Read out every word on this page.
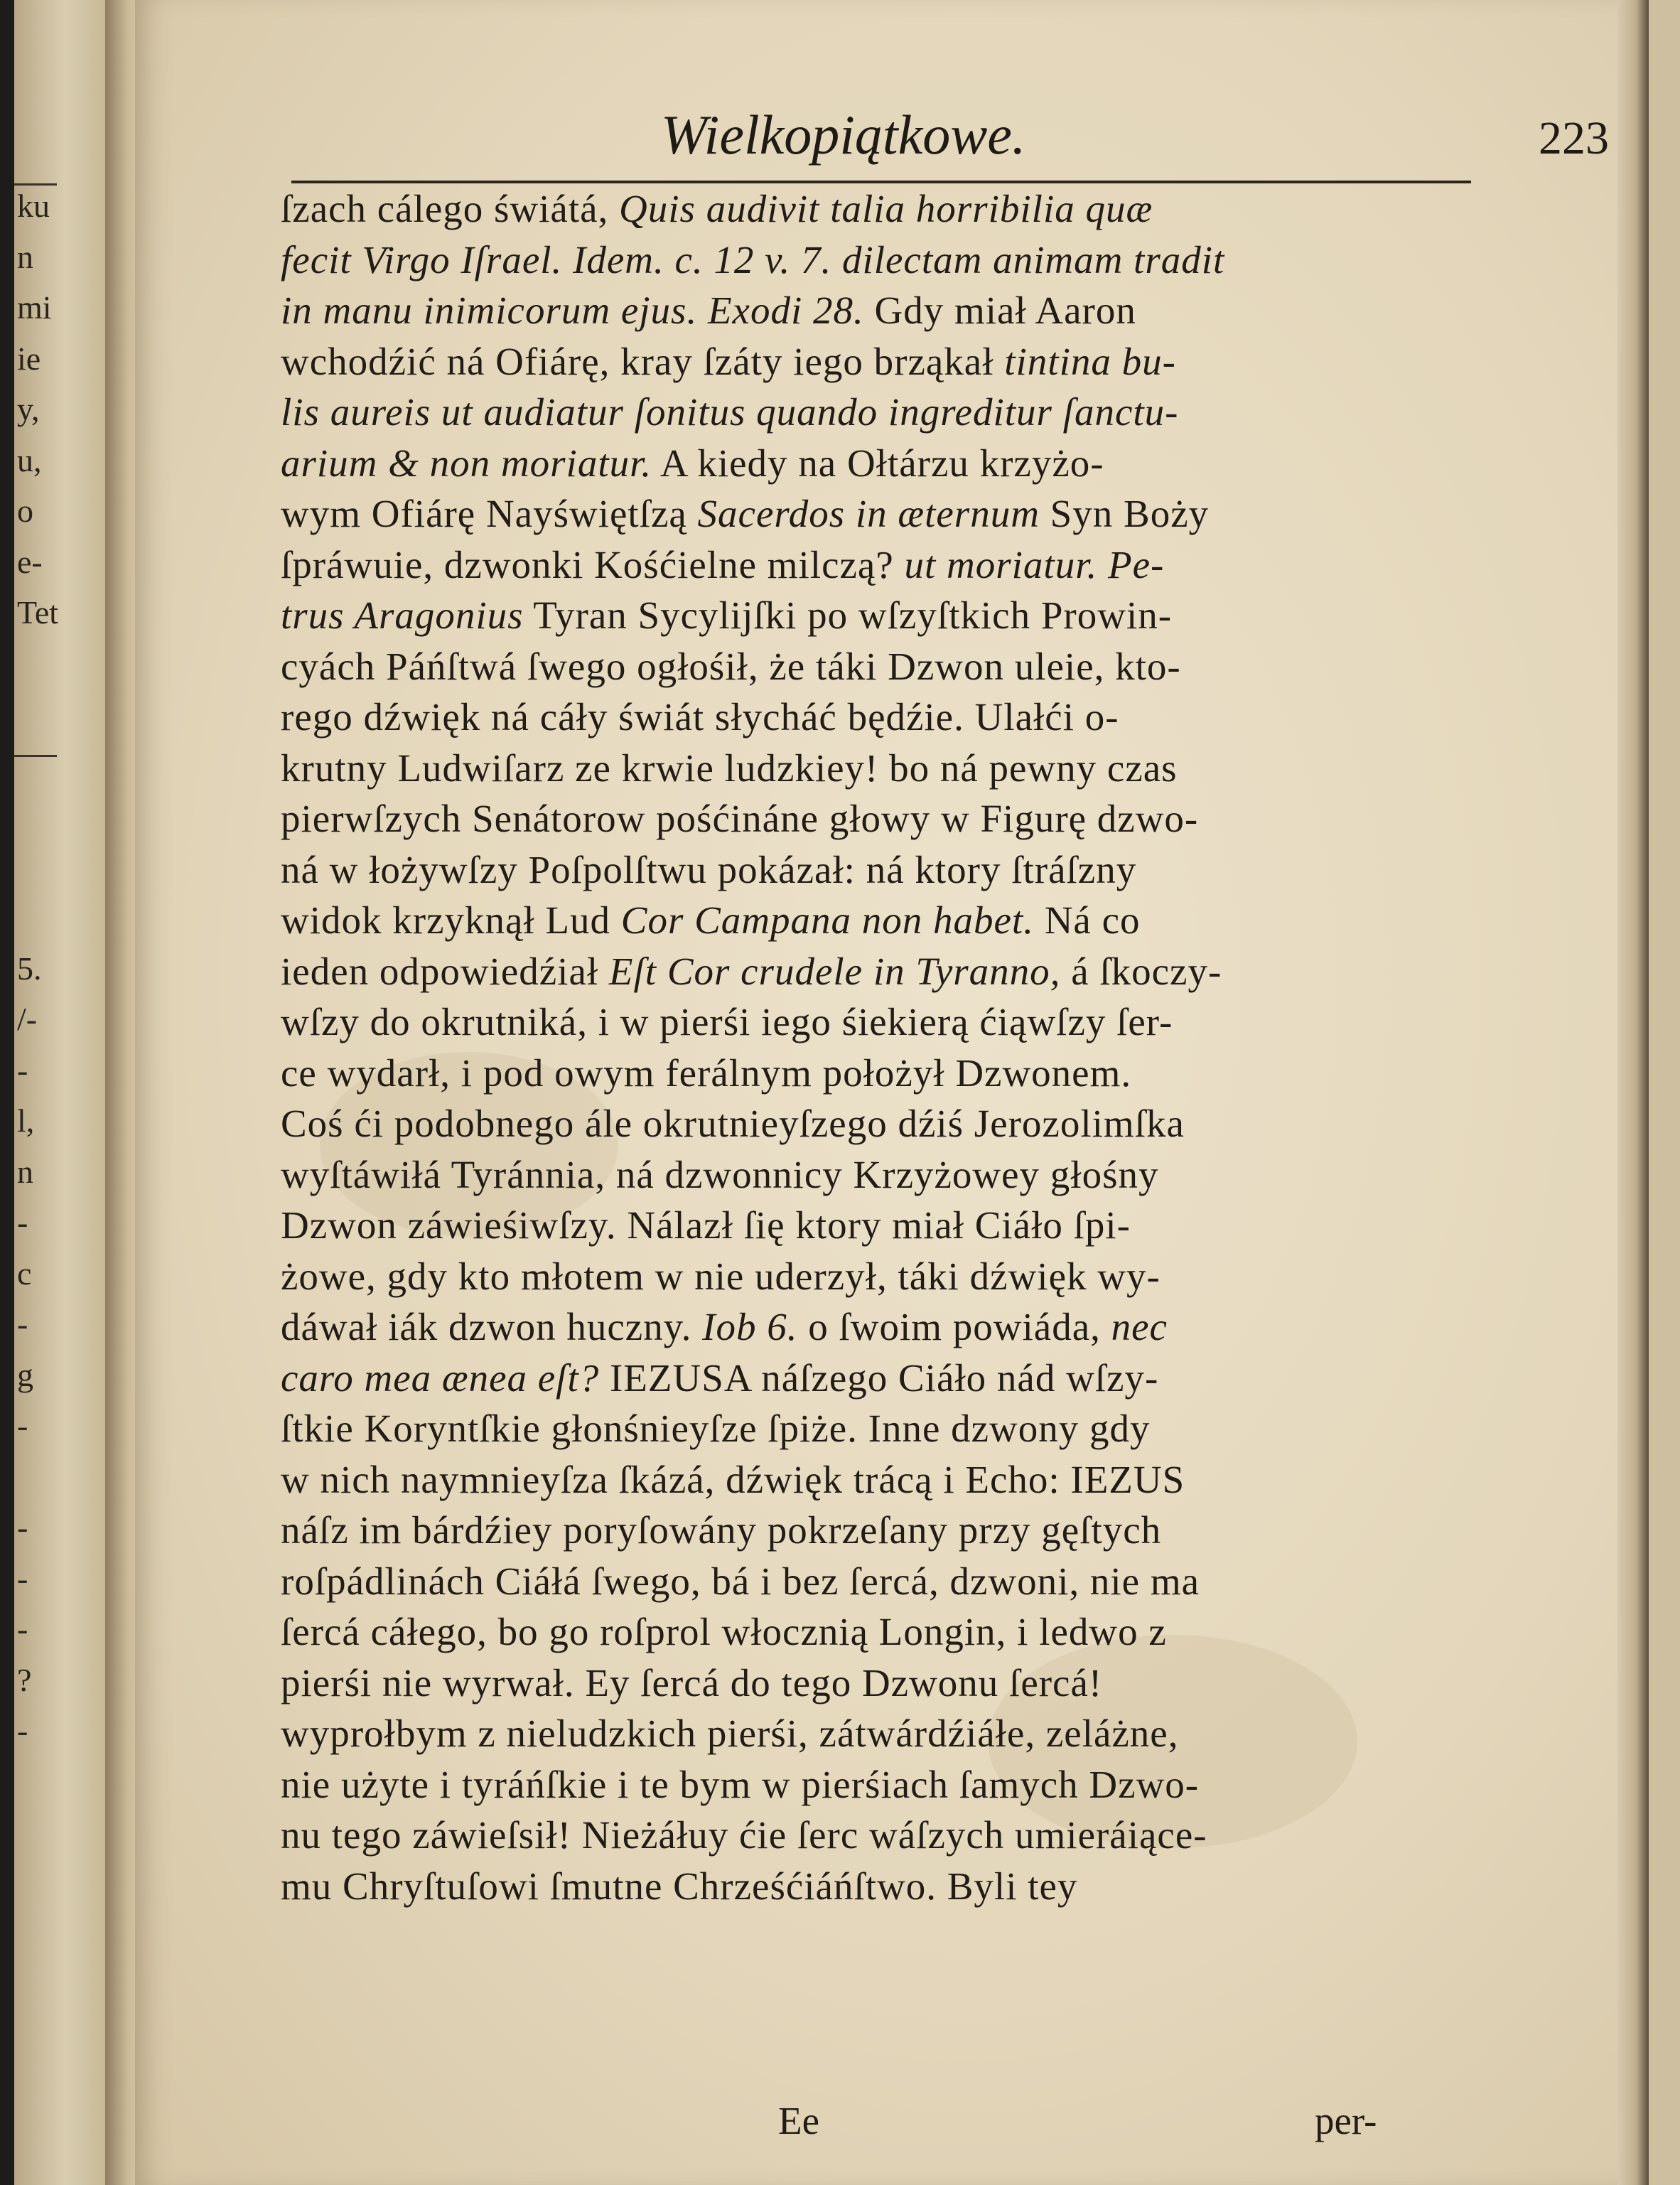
ku
n
mi
ie
y,
u,
o
e-
Tet
5.
/-
-
l,
n
-
c
-
g
-
-
-
-
?
-
Wielkopiątkowe.	223
ſzach cálego świátá, Quis audivit talia horribilia quæ
fecit Virgo Iſrael. Idem. c. 12 v. 7. dilectam animam tradit
in manu inimicorum ejus. Exodi 28. Gdy miał Aaron
wchodźić ná Ofiárę, kray ſzáty iego brząkał tintina bu-
lis aureis ut audiatur ſonitus quando ingreditur ſanctu-
arium & non moriatur. A kiedy na Ołtárzu krzyżo-
wym Ofiárę Nayświętſzą Sacerdos in æternum Syn Boży
ſpráwuie, dzwonki Kośćielne milczą? ut moriatur. Pe-
trus Aragonius Tyran Sycylijſki po wſzyſtkich Prowin-
cyách Páńſtwá ſwego ogłośił, że táki Dzwon uleie, kto-
rego dźwięk ná cáły świát słycháć będźie. Ulałći o-
krutny Ludwiſarz ze krwie ludzkiey! bo ná pewny czas
pierwſzych Senátorow pośćinánе głowy w Figurę dzwo-
ná w łożywſzy Poſpolſtwu pokázał: ná ktory ſtráſzny
widok krzyknął Lud Cor Campana non habet. Ná co
ieden odpowiedźiał Eſt Cor crudele in Tyranno, á ſkoczy-
wſzy do okrutniká, i w pierśi iego śiekierą ćiąwſzy ſer-
ce wydarł, i pod owym ferálnym położył Dzwonem.
Coś ći podobnego ále okrutnieyſzego dźiś Jerozolimſka
wyſtáwiłá Tyránnia, ná dzwonnicy Krzyżowey głośny
Dzwon záwieśiwſzy. Nálazł ſię ktory miał Ciáło ſpi-
żowe, gdy kto młotem w nie uderzył, táki dźwięk wy-
dáwał iák dzwon huczny. Iob 6. o ſwoim powiáda, nec
caro mea ænea eſt? IEZUSA náſzego Ciáło nád wſzy-
ſtkie Koryntſkie głonśnieyſze ſpiże. Inne dzwony gdy
w nich naymnieyſza ſkázá, dźwięk trácą i Echo: IEZUS
náſz im bárdźiey poryſowány pokrzeſany przy gęſtych
roſpádlinách Ciáłá ſwego, bá i bez ſercá, dzwoni, nie ma
ſercá cáłego, bo go roſprol włocznią Longin, i ledwo z
pierśi nie wyrwał. Ey ſercá do tego Dzwonu ſercá!
wyprołbym z nieludzkich pierśi, zátwárdźiáłe, zeláżne,
nie użyte i tyráńſkie i te bym w pierśiach ſamych Dzwo-
nu tego záwieſsił! Nieżáłuy ćie ſerc wáſzych umieráiące-
mu Chryſtuſowi ſmutne Chrześćiáńſtwo. Byli tey
Ee	per-
